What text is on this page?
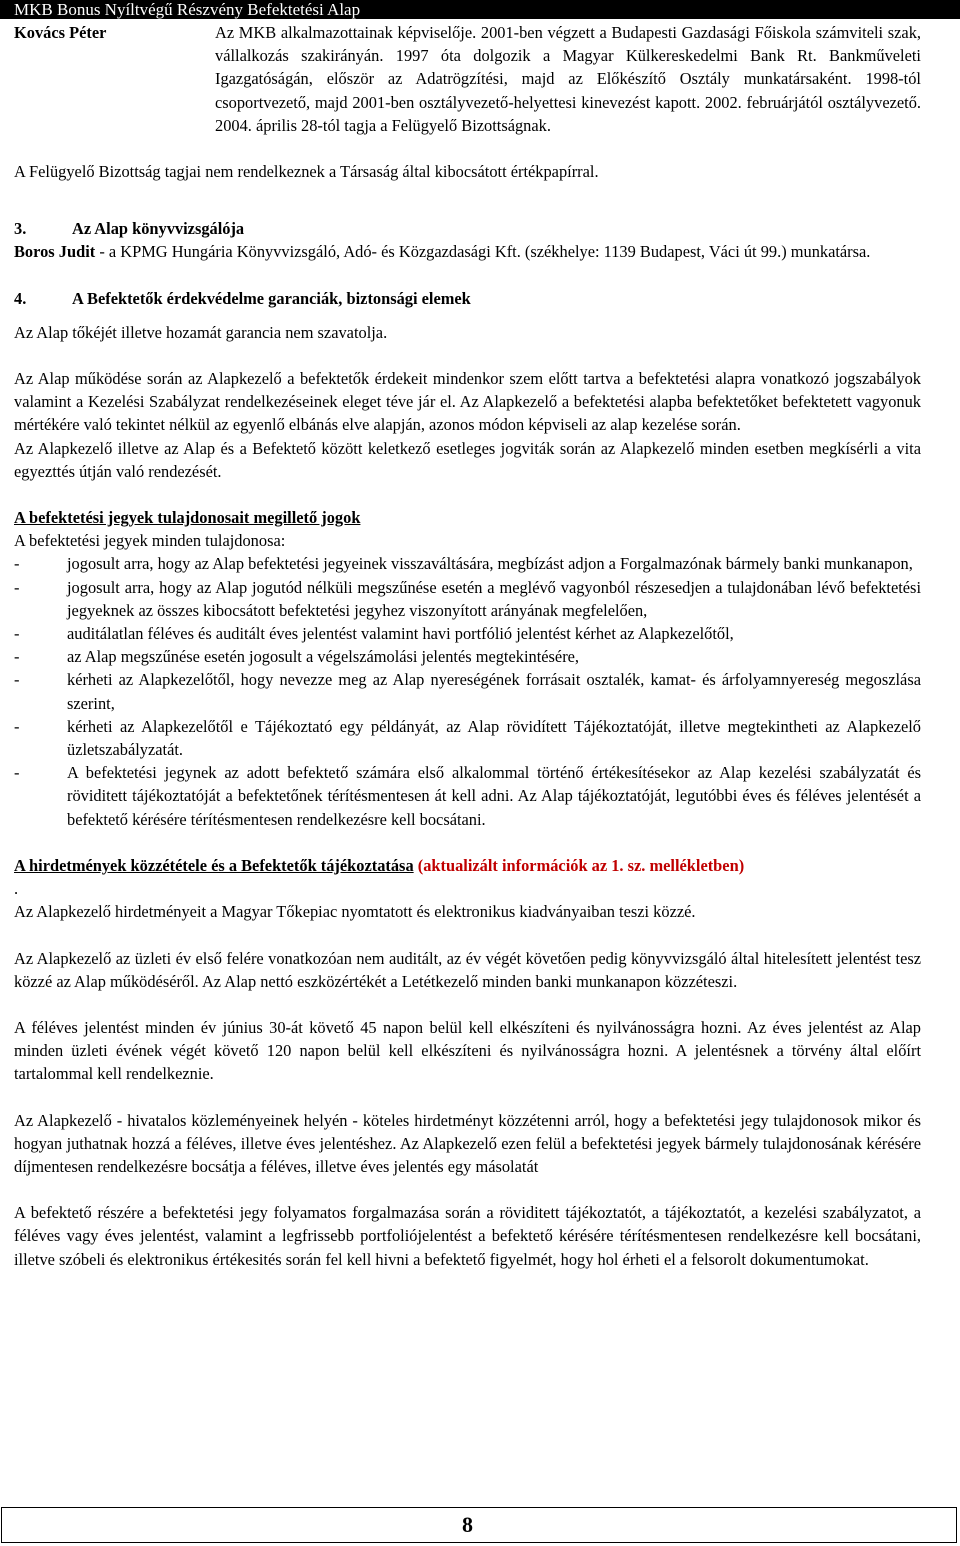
MKB Bonus Nyíltvégű Részvény Befektetési Alap
Kovács Péter	Az MKB alkalmazottainak képviselője. 2001-ben végzett a Budapesti Gazdasági Főiskola számviteli szak, vállalkozás szakirányán. 1997 óta dolgozik a Magyar Külkereskedelmi Bank Rt. Bankműveleti Igazgatóságán, először az Adatrögzítési, majd az Előkészítő Osztály munkatársaként. 1998-tól csoportvezető, majd 2001-ben osztályvezető-helyettesi kinevezést kapott. 2002. februárjától osztályvezető. 2004. április 28-tól tagja a Felügyelő Bizottságnak.

A Felügyelő Bizottság tagjai nem rendelkeznek a Társaság által kibocsátott értékpapírral.

3.	Az Alap könyvvizsgálója

Boros Judit - a KPMG Hungária Könyvvizsgáló, Adó- és Közgazdasági Kft. (székhelye: 1139 Budapest, Váci út 99.) munkatársa.

4.	A Befektetők érdekvédelme garanciák, biztonsági elemek

Az Alap tőkéjét illetve hozamát garancia nem szavatolja.

Az Alap működése során az Alapkezelő a befektetők érdekeit mindenkor szem előtt tartva a befektetési alapra vonatkozó jogszabályok valamint a Kezelési Szabályzat rendelkezéseinek eleget téve jár el. Az Alapkezelő a befektetési alapba befektetőket befektetett vagyonuk mértékére való tekintet nélkül az egyenlő elbánás elve alapján, azonos módon képviseli az alap kezelése során.

Az Alapkezelő illetve az Alap és a Befektető között keletkező esetleges jogviták során az Alapkezelő minden esetben megkísérli a vita egyezttés útján való rendezését.

A befektetési jegyek tulajdonosait megillető jogok

A befektetési jegyek minden tulajdonosa:

-	jogosult arra, hogy az Alap befektetési jegyeinek visszaváltására, megbízást adjon a Forgalmazónak bármely banki munkanapon,
-	jogosult arra, hogy az Alap jogutód nélküli megszűnése esetén a meglévő vagyonból részesedjen a tulajdonában lévő befektetési jegyeknek az összes kibocsátott befektetési jegyhez viszonyított arányának megfelelően,
-	auditálatlan féléves és auditált éves jelentést valamint havi portfólió jelentést kérhet az Alapkezelőtől,
-	az Alap megszűnése esetén jogosult a végelszámolási jelentés megtekintésére,
-	kérheti az Alapkezelőtől, hogy nevezze meg az Alap nyereségének forrásait osztalék, kamat- és árfolyamnyereség megoszlása szerint,
-	kérheti az Alapkezelőtől e Tájékoztató egy példányát, az Alap rövidített Tájékoztatóját, illetve megtekintheti az Alapkezelő üzletszabályzatát.
-	A befektetési jegynek az adott befektető számára első alkalommal történő értékesítésekor az Alap kezelési szabályzatát és röviditett tájékoztatóját a befektetőnek térítésmentesen át kell adni. Az Alap tájékoztatóját, legutóbbi éves és féléves jelentését a befektető kérésére térítésmentesen rendelkezésre kell bocsátani.

A hirdetmények közzététele és a Befektetők tájékoztatása (aktualizált információk az 1. sz. mellékletben)

.

Az Alapkezelő hirdetményeit a Magyar Tőkepiac nyomtatott és elektronikus kiadványaiban teszi közzé.

Az Alapkezelő az üzleti év első felére vonatkozóan nem auditált, az év végét követően pedig könyvvizsgáló által hitelesített jelentést tesz közzé az Alap működéséről. Az Alap nettó eszközértékét a Letétkezelő minden banki munkanapon közzéteszi.

A féléves jelentést minden év június 30-át követő 45 napon belül kell elkészíteni és nyilvánosságra hozni. Az éves jelentést az Alap minden üzleti évének végét követő 120 napon belül kell elkészíteni és nyilvánosságra hozni. A jelentésnek a törvény által előírt tartalommal kell rendelkeznie.

Az Alapkezelő - hivatalos közleményeinek helyén - köteles hirdetményt közzétenni arról, hogy a befektetési jegy tulajdonosok mikor és hogyan juthatnak hozzá a féléves, illetve éves jelentéshez. Az Alapkezelő ezen felül a befektetési jegyek bármely tulajdonosának kérésére díjmentesen rendelkezésre bocsátja a féléves, illetve éves jelentés egy másolatát

A befektető részére a befektetési jegy folyamatos forgalmazása során a röviditett tájékoztatót, a tájékoztatót, a kezelési szabályzatot, a féléves vagy éves jelentést, valamint a legfrissebb portfoliójelentést a befektető kérésére térítésmentesen rendelkezésre kell bocsátani, illetve szóbeli és elektronikus értékesités során fel kell hivni a befektető figyelmét, hogy hol érheti el a felsorolt dokumentumokat.

8
